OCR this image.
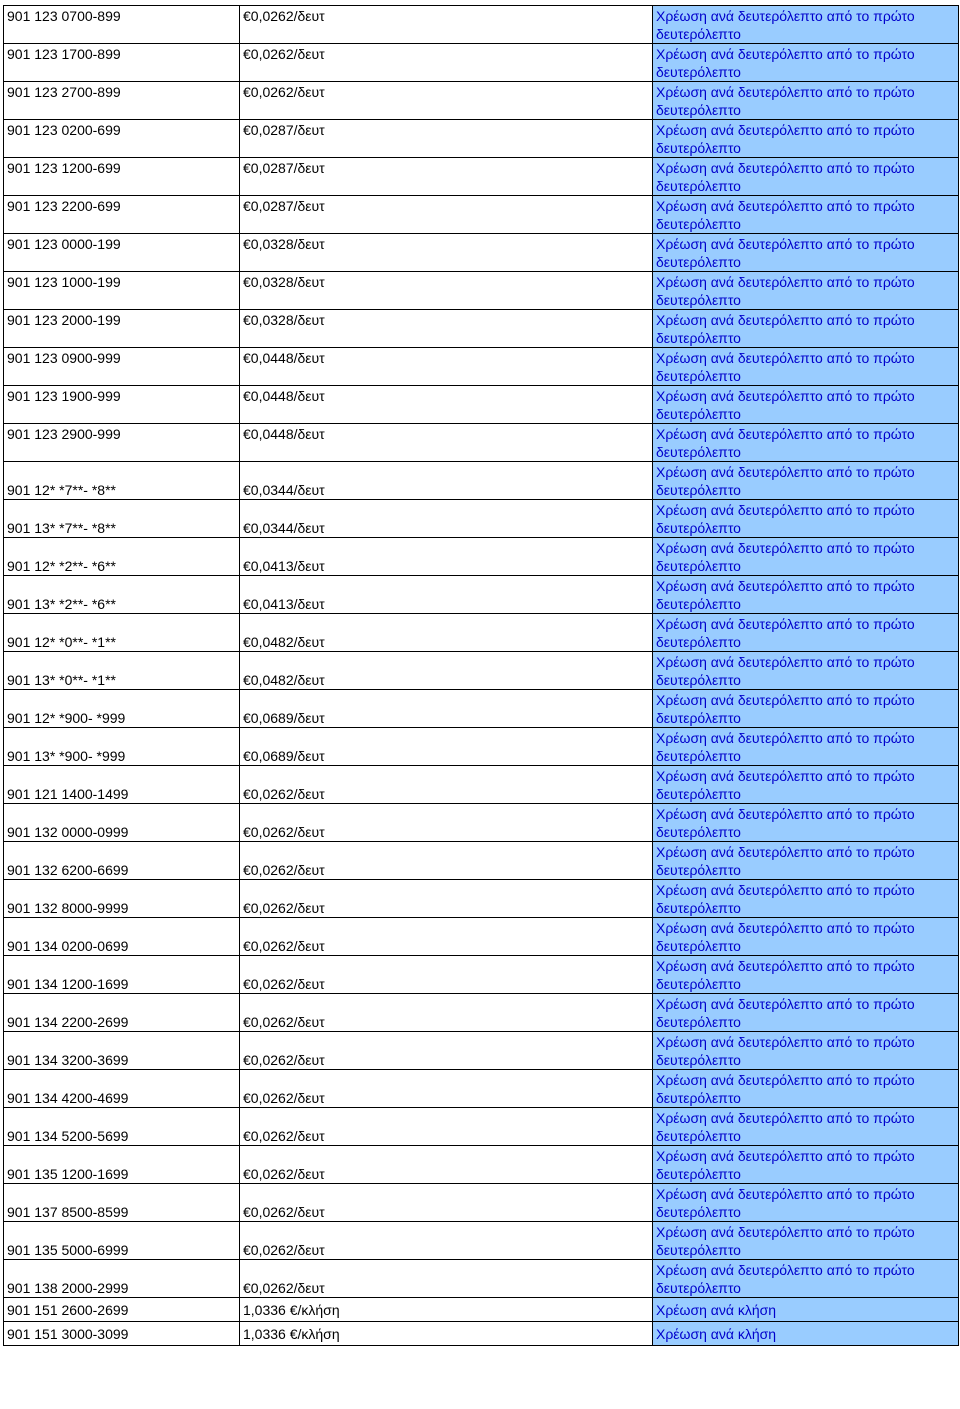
901 123 0700-899	€0,0262/δευτ	Χρέωση ανά δευτερόλεπτο από το πρώτο δευτερόλεπτο
901 123 1700-899	€0,0262/δευτ	Χρέωση ανά δευτερόλεπτο από το πρώτο δευτερόλεπτο
901 123 2700-899	€0,0262/δευτ	Χρέωση ανά δευτερόλεπτο από το πρώτο δευτερόλεπτο
901 123 0200-699	€0,0287/δευτ	Χρέωση ανά δευτερόλεπτο από το πρώτο δευτερόλεπτο
901 123 1200-699	€0,0287/δευτ	Χρέωση ανά δευτερόλεπτο από το πρώτο δευτερόλεπτο
901 123 2200-699	€0,0287/δευτ	Χρέωση ανά δευτερόλεπτο από το πρώτο δευτερόλεπτο
901 123 0000-199	€0,0328/δευτ	Χρέωση ανά δευτερόλεπτο από το πρώτο δευτερόλεπτο
901 123 1000-199	€0,0328/δευτ	Χρέωση ανά δευτερόλεπτο από το πρώτο δευτερόλεπτο
901 123 2000-199	€0,0328/δευτ	Χρέωση ανά δευτερόλεπτο από το πρώτο δευτερόλεπτο
901 123 0900-999	€0,0448/δευτ	Χρέωση ανά δευτερόλεπτο από το πρώτο δευτερόλεπτο
901 123 1900-999	€0,0448/δευτ	Χρέωση ανά δευτερόλεπτο από το πρώτο δευτερόλεπτο
901 123 2900-999	€0,0448/δευτ	Χρέωση ανά δευτερόλεπτο από το πρώτο δευτερόλεπτο
901 12* *7**- *8**	€0,0344/δευτ	Χρέωση ανά δευτερόλεπτο από το πρώτο δευτερόλεπτο
901 13* *7**- *8**	€0,0344/δευτ	Χρέωση ανά δευτερόλεπτο από το πρώτο δευτερόλεπτο
901 12* *2**- *6**	€0,0413/δευτ	Χρέωση ανά δευτερόλεπτο από το πρώτο δευτερόλεπτο
901 13* *2**- *6**	€0,0413/δευτ	Χρέωση ανά δευτερόλεπτο από το πρώτο δευτερόλεπτο
901 12* *0**- *1**	€0,0482/δευτ	Χρέωση ανά δευτερόλεπτο από το πρώτο δευτερόλεπτο
901 13* *0**- *1**	€0,0482/δευτ	Χρέωση ανά δευτερόλεπτο από το πρώτο δευτερόλεπτο
901 12* *900- *999	€0,0689/δευτ	Χρέωση ανά δευτερόλεπτο από το πρώτο δευτερόλεπτο
901 13* *900- *999	€0,0689/δευτ	Χρέωση ανά δευτερόλεπτο από το πρώτο δευτερόλεπτο
901 121 1400-1499	€0,0262/δευτ	Χρέωση ανά δευτερόλεπτο από το πρώτο δευτερόλεπτο
901 132 0000-0999	€0,0262/δευτ	Χρέωση ανά δευτερόλεπτο από το πρώτο δευτερόλεπτο
901 132 6200-6699	€0,0262/δευτ	Χρέωση ανά δευτερόλεπτο από το πρώτο δευτερόλεπτο
901 132 8000-9999	€0,0262/δευτ	Χρέωση ανά δευτερόλεπτο από το πρώτο δευτερόλεπτο
901 134 0200-0699	€0,0262/δευτ	Χρέωση ανά δευτερόλεπτο από το πρώτο δευτερόλεπτο
901 134 1200-1699	€0,0262/δευτ	Χρέωση ανά δευτερόλεπτο από το πρώτο δευτερόλεπτο
901 134 2200-2699	€0,0262/δευτ	Χρέωση ανά δευτερόλεπτο από το πρώτο δευτερόλεπτο
901 134 3200-3699	€0,0262/δευτ	Χρέωση ανά δευτερόλεπτο από το πρώτο δευτερόλεπτο
901 134 4200-4699	€0,0262/δευτ	Χρέωση ανά δευτερόλεπτο από το πρώτο δευτερόλεπτο
901 134 5200-5699	€0,0262/δευτ	Χρέωση ανά δευτερόλεπτο από το πρώτο δευτερόλεπτο
901 135 1200-1699	€0,0262/δευτ	Χρέωση ανά δευτερόλεπτο από το πρώτο δευτερόλεπτο
901 137 8500-8599	€0,0262/δευτ	Χρέωση ανά δευτερόλεπτο από το πρώτο δευτερόλεπτο
901 135 5000-6999	€0,0262/δευτ	Χρέωση ανά δευτερόλεπτο από το πρώτο δευτερόλεπτο
901 138 2000-2999	€0,0262/δευτ	Χρέωση ανά δευτερόλεπτο από το πρώτο δευτερόλεπτο
901 151 2600-2699	1,0336 €/κλήση	Χρέωση ανά κλήση
901 151 3000-3099	1,0336 €/κλήση	Χρέωση ανά κλήση
